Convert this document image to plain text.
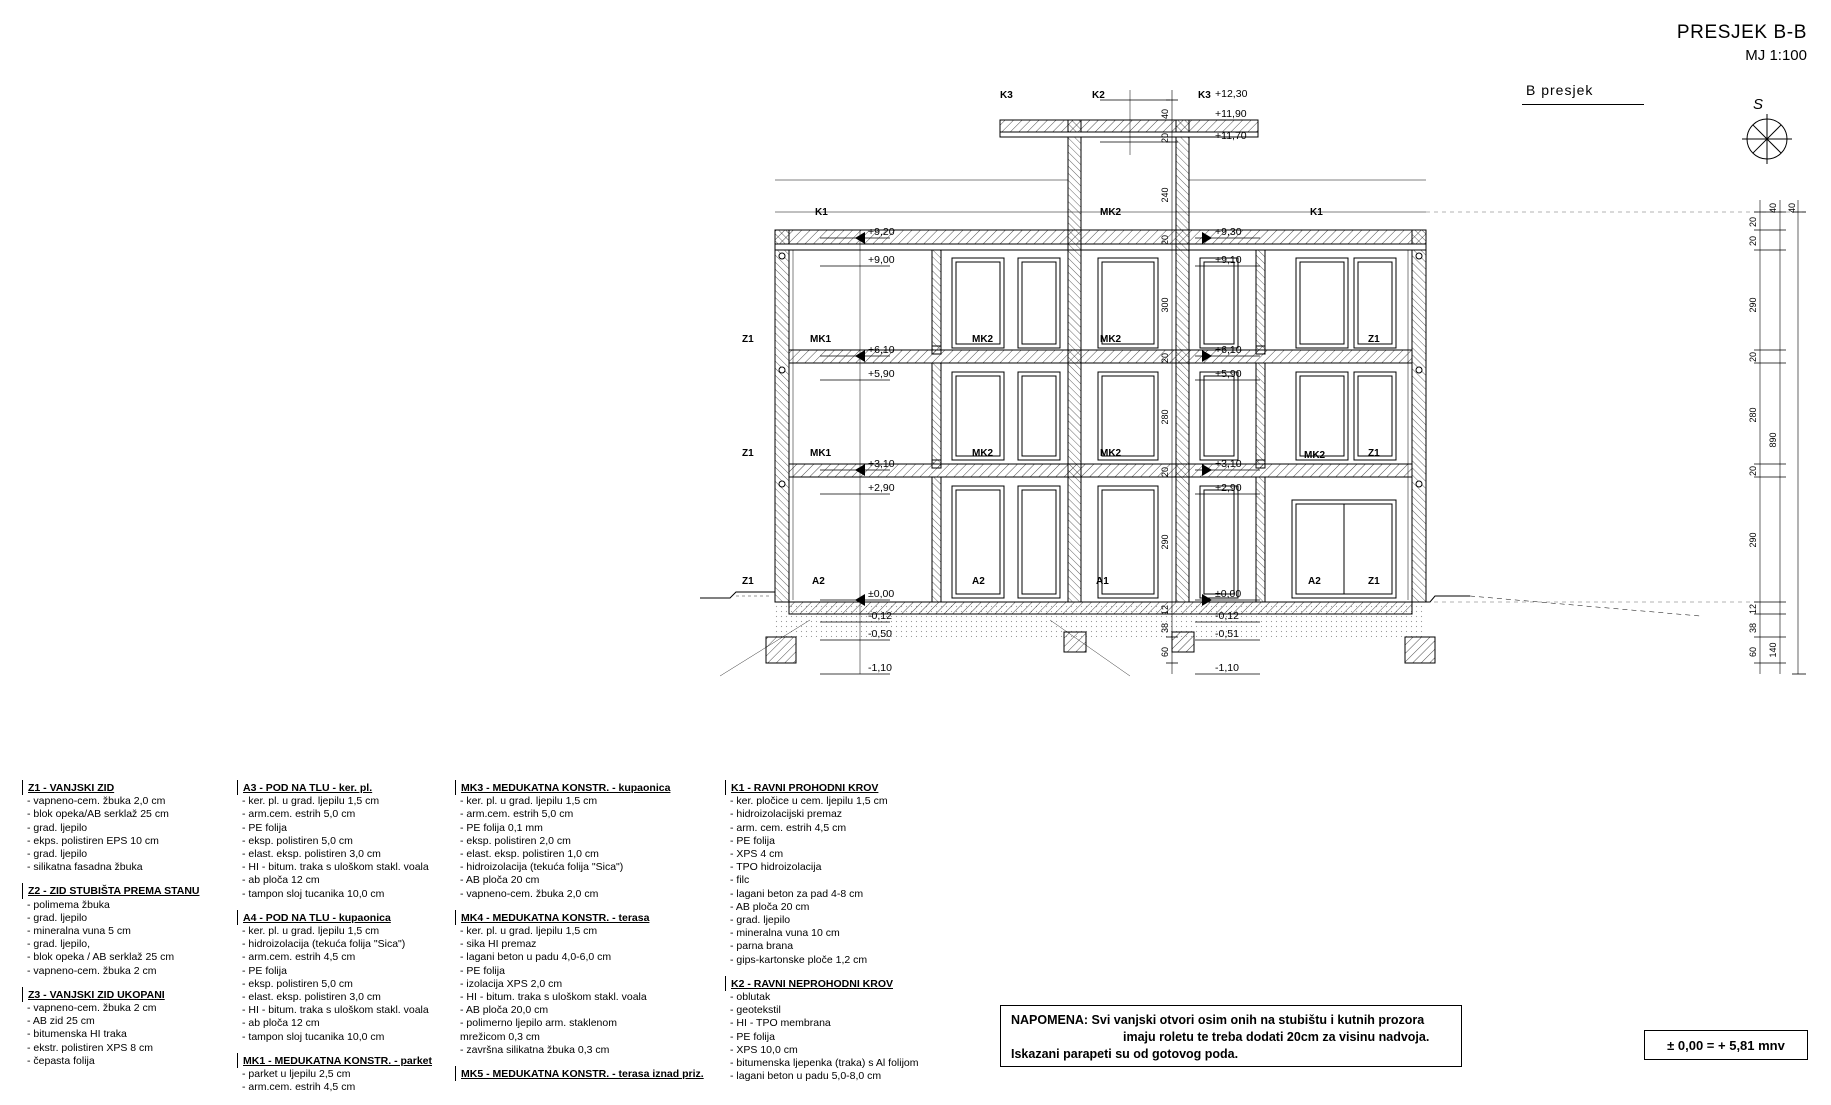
PRESJEK B-B
MJ 1:100
B presjek
S
+9,20
+9,00
+6,10
+5,90
+3,10
+2,90
±0,00
-0,12
-0,50
-1,10
+12,30
+11,90
+11,70
+9,30
+9,10
+6,10
+5,90
+3,10
+2,90
±0,00
-0,12
-0,51
-1,10
40
20
240
20
300
20
280
20
290
12
38
60
20
20
290
20
280
20
290
12
38
60
40
890
40
140
K3	K2	K3
K1	K1
MK2
MK1	MK2	MK2
MK2
MK1	MK2	MK2
Z1
Z1
Z1
Z1
Z1
Z1
A2	A2	A1	A2
Z1 - VANJSKI ZID
- vapneno-cem. žbuka 2,0 cm
- blok opeka/AB serklaž 25 cm
- grad. ljepilo
- ekps. polistiren EPS 10 cm
- grad. ljepilo
- silikatna fasadna žbuka
Z2 - ZID STUBIŠTA PREMA STANU
- polimema žbuka
- grad. ljepilo
- mineralna vuna 5 cm
- grad. ljepilo,
- blok opeka / AB serklaž 25 cm
- vapneno-cem. žbuka 2 cm
Z3 - VANJSKI ZID UKOPANI
- vapneno-cem. žbuka 2 cm
- AB zid 25 cm
- bitumenska HI traka
- ekstr. polistiren XPS 8 cm
- čepasta folija
A3 - POD NA TLU - ker. pl.
- ker. pl. u grad. ljepilu 1,5 cm
- arm.cem. estrih 5,0 cm
- PE folija
- eksp. polistiren 5,0 cm
- elast. eksp. polistiren 3,0 cm
- HI - bitum. traka s uloškom stakl. voala
- ab ploča 12 cm
- tampon sloj tucanika 10,0 cm
A4 - POD NA TLU - kupaonica
- ker. pl. u grad. ljepilu 1,5 cm
- hidroizolacija (tekuća folija "Sica")
- arm.cem. estrih 4,5 cm
- PE folija
- eksp. polistiren 5,0 cm
- elast. eksp. polistiren 3,0 cm
- HI - bitum. traka s uloškom stakl. voala
- ab ploča 12 cm
- tampon sloj tucanika 10,0 cm
MK1 - MEDUKATNA KONSTR. - parket
- parket u ljepilu 2,5 cm
- arm.cem. estrih 4,5 cm
MK3 - MEDUKATNA KONSTR. - kupaonica
- ker. pl. u grad. ljepilu 1,5 cm
- arm.cem. estrih 5,0 cm
- PE folija 0,1 mm
- eksp. polistiren 2,0 cm
- elast. eksp. polistiren 1,0 cm
- hidroizolacija (tekuća folija "Sica")
- AB ploča 20 cm
- vapneno-cem. žbuka 2,0 cm
MK4 - MEDUKATNA KONSTR. - terasa
- ker. pl. u grad. ljepilu 1,5 cm
- sika HI premaz
- lagani beton u padu 4,0-6,0 cm
- PE folija
- izolacija XPS 2,0 cm
- HI - bitum. traka s uloškom stakl. voala
- AB ploča 20,0 cm
- polimerno ljepilo arm. staklenom
mrežicom 0,3 cm
- završna silikatna žbuka 0,3 cm
MK5 - MEDUKATNA KONSTR. - terasa iznad priz.
K1 - RAVNI PROHODNI KROV
- ker. pločice u cem. ljepilu 1,5 cm
- hidroizolacijski premaz
- arm. cem. estrih 4,5 cm
- PE folija
- XPS 4 cm
- TPO hidroizolacija
- filc
- lagani beton za pad 4-8 cm
- AB ploča 20 cm
- grad. ljepilo
- mineralna vuna 10 cm
- parna brana
- gips-kartonske ploče 1,2 cm
K2 - RAVNI NEPROHODNI KROV
- oblutak
- geotekstil
- HI - TPO membrana
- PE folija
- XPS 10,0 cm
- bitumenska ljepenka (traka) s Al folijom
- lagani beton u padu 5,0-8,0 cm
NAPOMENA: Svi vanjski otvori osim onih na stubištu i kutnih prozora
imaju roletu te treba dodati 20cm za visinu nadvoja.
Iskazani parapeti su od gotovog poda.
± 0,00 = + 5,81 mnv
